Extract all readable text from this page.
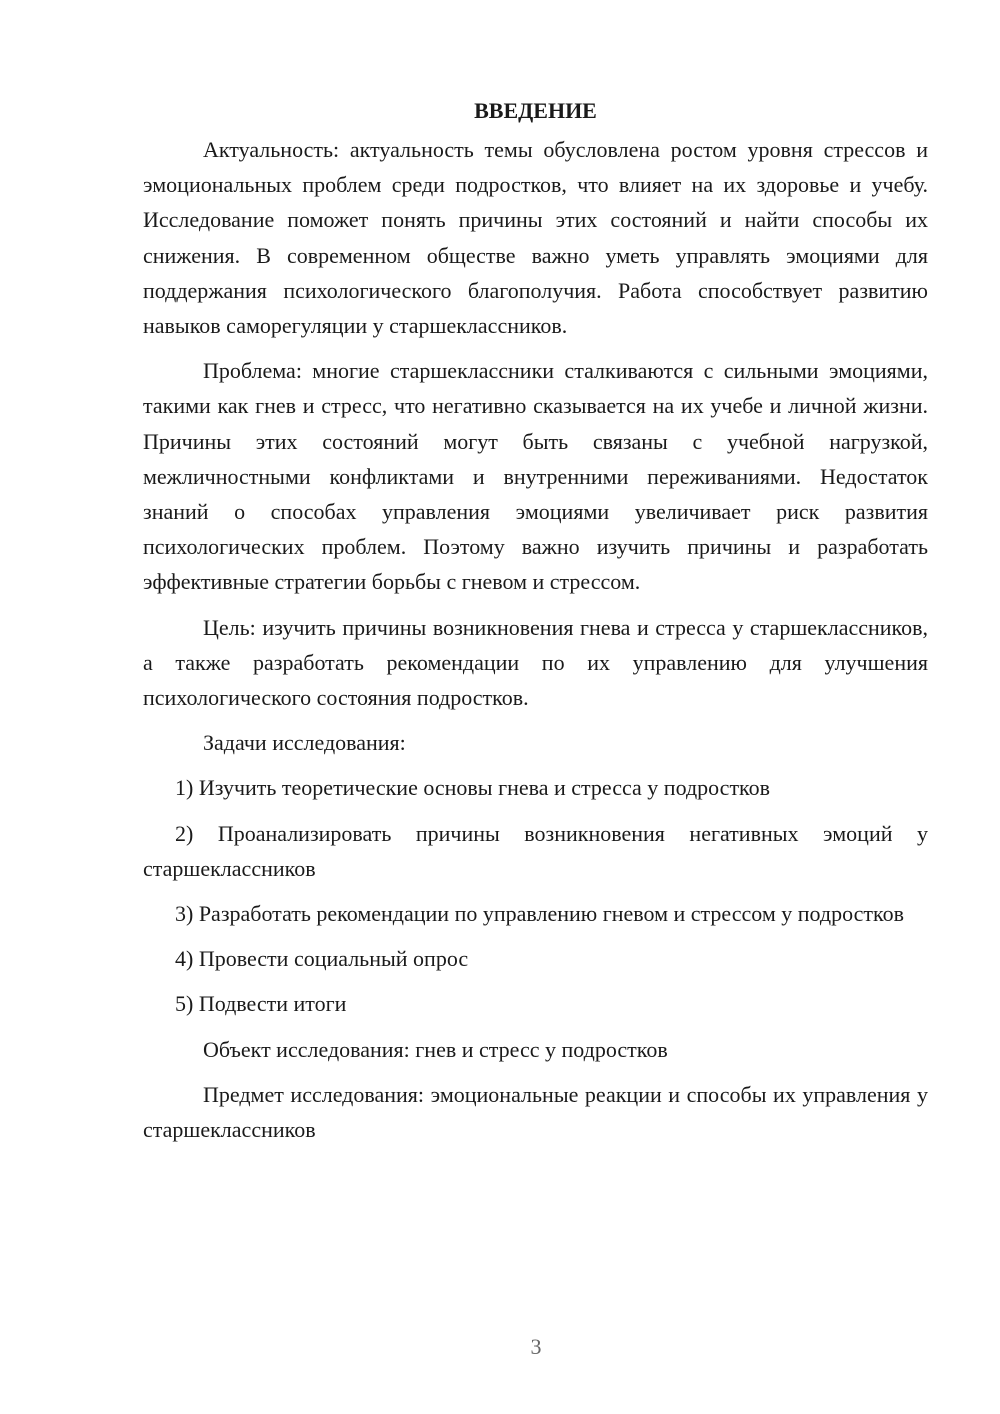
ВВЕДЕНИЕ

Актуальность: актуальность темы обусловлена ростом уровня стрессов и эмоциональных проблем среди подростков, что влияет на их здоровье и учебу. Исследование поможет понять причины этих состояний и найти способы их снижения. В современном обществе важно уметь управлять эмоциями для поддержания психологического благополучия. Работа способствует развитию навыков саморегуляции у старшеклассников.

Проблема: многие старшеклассники сталкиваются с сильными эмоциями, такими как гнев и стресс, что негативно сказывается на их учебе и личной жизни. Причины этих состояний могут быть связаны с учебной нагрузкой, межличностными конфликтами и внутренними переживаниями. Недостаток знаний о способах управления эмоциями увеличивает риск развития психологических проблем. Поэтому важно изучить причины и разработать эффективные стратегии борьбы с гневом и стрессом.

Цель: изучить причины возникновения гнева и стресса у старшеклассников, а также разработать рекомендации по их управлению для улучшения психологического состояния подростков.

Задачи исследования:

1) Изучить теоретические основы гнева и стресса у подростков

2) Проанализировать причины возникновения негативных эмоций у старшеклассников

3) Разработать рекомендации по управлению гневом и стрессом у подростков

4) Провести социальный опрос

5) Подвести итоги

Объект исследования: гнев и стресс у подростков

Предмет исследования: эмоциональные реакции и способы их управления у старшеклассников

3
